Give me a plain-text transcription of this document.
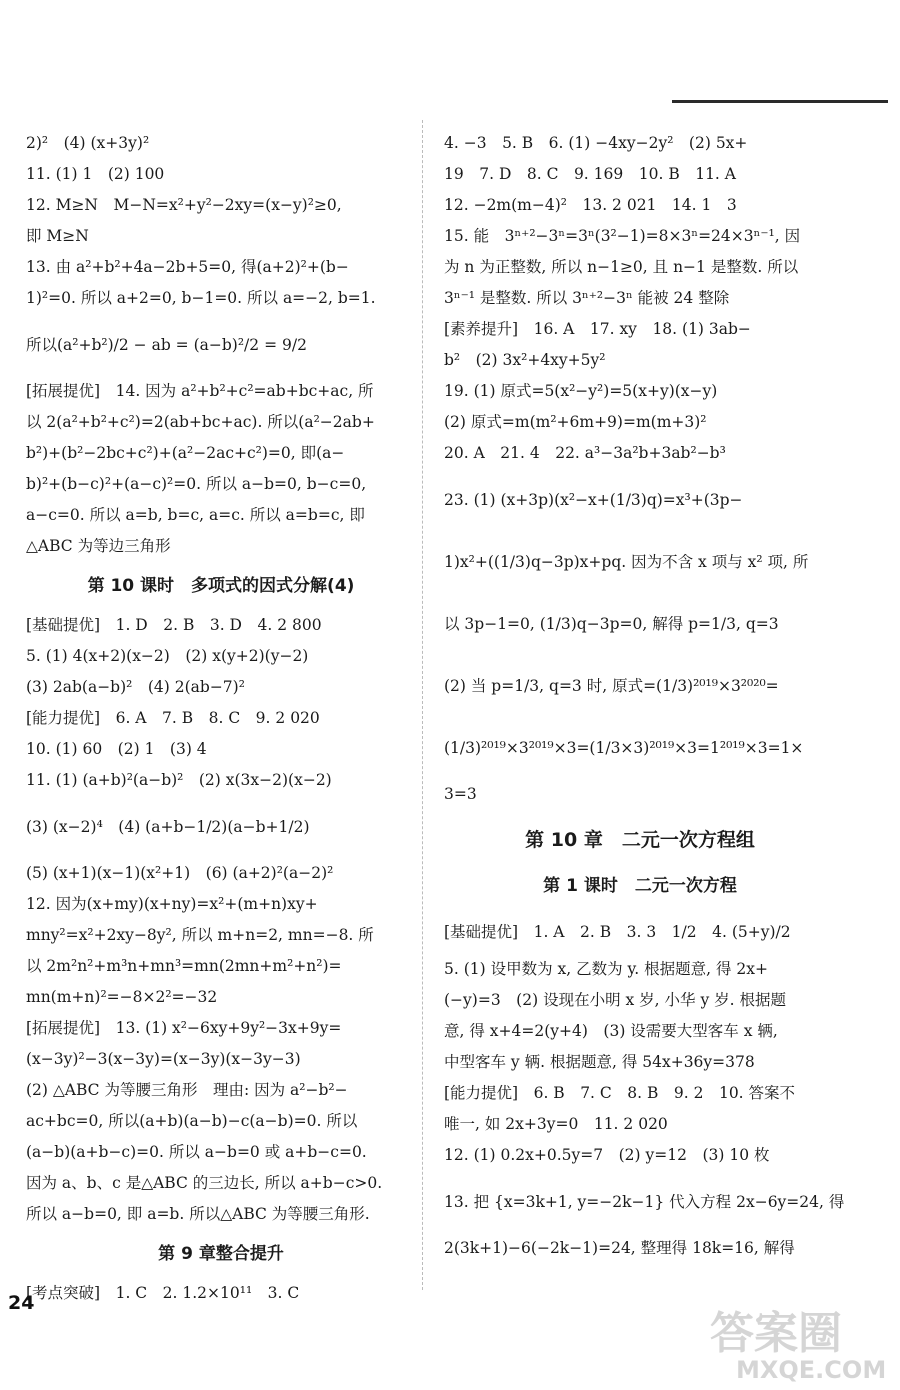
2)²　(4) (x+3y)²
11. (1) 1　(2) 100
12. M≥N　M−N=x²+y²−2xy=(x−y)²≥0,
即 M≥N
13. 由 a²+b²+4a−2b+5=0, 得(a+2)²+(b−
1)²=0. 所以 a+2=0, b−1=0. 所以 a=−2, b=1.
所以(a²+b²)/2 − ab = (a−b)²/2 = 9/2
[拓展提优]　14. 因为 a²+b²+c²=ab+bc+ac, 所
以 2(a²+b²+c²)=2(ab+bc+ac). 所以(a²−2ab+
b²)+(b²−2bc+c²)+(a²−2ac+c²)=0, 即(a−
b)²+(b−c)²+(a−c)²=0. 所以 a−b=0, b−c=0,
a−c=0. 所以 a=b, b=c, a=c. 所以 a=b=c, 即
△ABC 为等边三角形
第 10 课时　多项式的因式分解(4)
[基础提优]　1. D　2. B　3. D　4. 2 800
5. (1) 4(x+2)(x−2)　(2) x(y+2)(y−2)
(3) 2ab(a−b)²　(4) 2(ab−7)²
[能力提优]　6. A　7. B　8. C　9. 2 020
10. (1) 60　(2) 1　(3) 4
11. (1) (a+b)²(a−b)²　(2) x(3x−2)(x−2)
(3) (x−2)⁴　(4) (a+b−1/2)(a−b+1/2)
(5) (x+1)(x−1)(x²+1)　(6) (a+2)²(a−2)²
12. 因为(x+my)(x+ny)=x²+(m+n)xy+
mny²=x²+2xy−8y², 所以 m+n=2, mn=−8. 所
以 2m²n²+m³n+mn³=mn(2mn+m²+n²)=
mn(m+n)²=−8×2²=−32
[拓展提优]　13. (1) x²−6xy+9y²−3x+9y=
(x−3y)²−3(x−3y)=(x−3y)(x−3y−3)
(2) △ABC 为等腰三角形　理由: 因为 a²−b²−
ac+bc=0, 所以(a+b)(a−b)−c(a−b)=0. 所以
(a−b)(a+b−c)=0. 所以 a−b=0 或 a+b−c=0.
因为 a、b、c 是△ABC 的三边长, 所以 a+b−c>0.
所以 a−b=0, 即 a=b. 所以△ABC 为等腰三角形.
第 9 章整合提升
[考点突破]　1. C　2. 1.2×10¹¹　3. C
4. −3　5. B　6. (1) −4xy−2y²　(2) 5x+
19　7. D　8. C　9. 169　10. B　11. A
12. −2m(m−4)²　13. 2 021　14. 1　3
15. 能　3ⁿ⁺²−3ⁿ=3ⁿ(3²−1)=8×3ⁿ=24×3ⁿ⁻¹, 因
为 n 为正整数, 所以 n−1≥0, 且 n−1 是整数. 所以
3ⁿ⁻¹ 是整数. 所以 3ⁿ⁺²−3ⁿ 能被 24 整除
[素养提升]　16. A　17. xy　18. (1) 3ab−
b²　(2) 3x²+4xy+5y²
19. (1) 原式=5(x²−y²)=5(x+y)(x−y)
(2) 原式=m(m²+6m+9)=m(m+3)²
20. A　21. 4　22. a³−3a²b+3ab²−b³
23. (1) (x+3p)(x²−x+(1/3)q)=x³+(3p−
1)x²+((1/3)q−3p)x+pq. 因为不含 x 项与 x² 项, 所
以 3p−1=0, (1/3)q−3p=0, 解得 p=1/3, q=3
(2) 当 p=1/3, q=3 时, 原式=(1/3)²⁰¹⁹×3²⁰²⁰=
(1/3)²⁰¹⁹×3²⁰¹⁹×3=(1/3×3)²⁰¹⁹×3=1²⁰¹⁹×3=1×
3=3
第 10 章　二元一次方程组
第 1 课时　二元一次方程
[基础提优]　1. A　2. B　3. 3　1/2　4. (5+y)/2
5. (1) 设甲数为 x, 乙数为 y. 根据题意, 得 2x+
(−y)=3　(2) 设现在小明 x 岁, 小华 y 岁. 根据题
意, 得 x+4=2(y+4)　(3) 设需要大型客车 x 辆,
中型客车 y 辆. 根据题意, 得 54x+36y=378
[能力提优]　6. B　7. C　8. B　9. 2　10. 答案不
唯一, 如 2x+3y=0　11. 2 020
12. (1) 0.2x+0.5y=7　(2) y=12　(3) 10 枚
13. 把 {x=3k+1, y=−2k−1} 代入方程 2x−6y=24, 得
2(3k+1)−6(−2k−1)=24, 整理得 18k=16, 解得
24
答案圈
MXQE.COM
